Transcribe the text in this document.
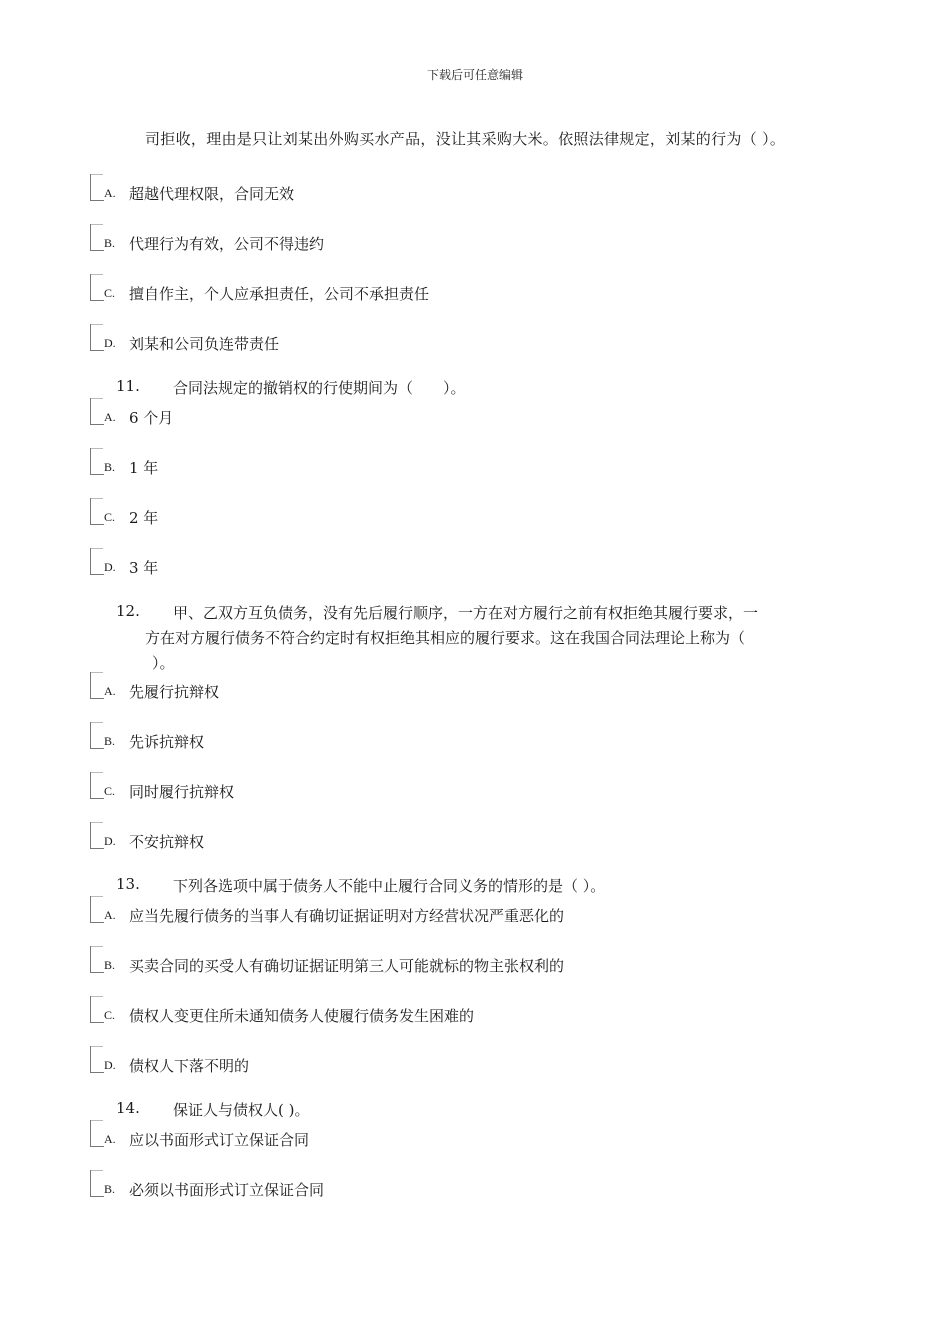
下载后可任意编辑
司拒收，理由是只让刘某出外购买水产品，没让其采购大米。依照法律规定，刘某的行为（ ）。
A. 超越代理权限，合同无效
B. 代理行为有效，公司不得违约
C. 擅自作主，个人应承担责任，公司不承担责任
D. 刘某和公司负连带责任
11. 合同法规定的撤销权的行使期间为（　　）。
A. 6 个月
B. 1 年
C. 2 年
D. 3 年
12. 甲、乙双方互负债务，没有先后履行顺序，一方在对方履行之前有权拒绝其履行要求，一
方在对方履行债务不符合约定时有权拒绝其相应的履行要求。这在我国合同法理论上称为（
）。
A. 先履行抗辩权
B. 先诉抗辩权
C. 同时履行抗辩权
D. 不安抗辩权
13. 下列各选项中属于债务人不能中止履行合同义务的情形的是（ ）。
A. 应当先履行债务的当事人有确切证据证明对方经营状况严重恶化的
B. 买卖合同的买受人有确切证据证明第三人可能就标的物主张权利的
C. 债权人变更住所未通知债务人使履行债务发生困难的
D. 债权人下落不明的
14. 保证人与债权人( )。
A. 应以书面形式订立保证合同
B. 必须以书面形式订立保证合同
